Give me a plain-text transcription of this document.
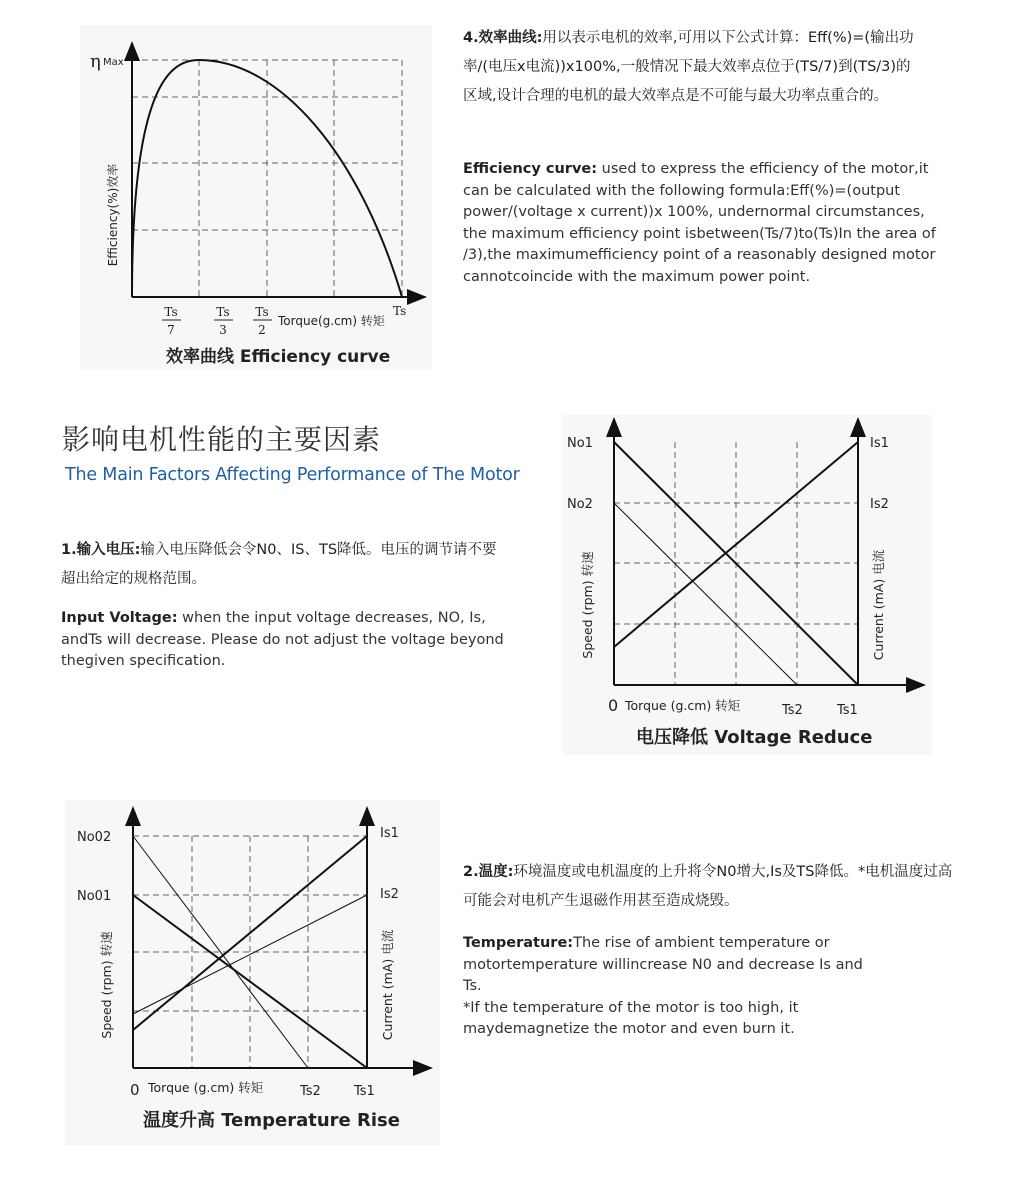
η Max
Efficiency(%)效率
Ts
7
Ts
3
Ts
2
Torque(g.cm) 转矩
Ts
效率曲线 Efficiency curve
4.效率曲线:用以表示电机的效率,可用以下公式计算：Eff(%)=(输出功率/(电压x电流))x100%,一般情况下最大效率点位于(TS/7)到(TS/3)的区域,设计合理的电机的最大效率点是不可能与最大功率点重合的。
Efficiency curve: used to express the efficiency of the motor,it can be calculated with the following formula:Eff(%)=(output power/(voltage x current))x 100%, undernormal circumstances, the maximum efficiency point isbetween(Ts/7)to(Ts)In the area of /3),the maximumefficiency point of a reasonably designed motor cannotcoincide with the maximum power point.
影响电机性能的主要因素
The Main Factors Affecting Performance of The Motor
1.输入电压:输入电压降低会令N0、IS、TS降低。电压的调节请不要超出给定的规格范围。
Input Voltage: when the input voltage decreases, NO, Is, andTs will decrease. Please do not adjust the voltage beyond thegiven specification.
No1
No2
Is1
Is2
Speed (rpm) 转速	Current (mA) 电流
0 Torque (g.cm) 转矩	Ts2	Ts1
电压降低 Voltage Reduce
No02
No01
Is1
Is2
Speed (rpm) 转速	Current (mA) 电流
0 Torque (g.cm) 转矩	Ts2	Ts1
温度升高 Temperature Rise
2.温度:环境温度或电机温度的上升将令N0增大,Is及TS降低。*电机温度过高可能会对电机产生退磁作用甚至造成烧毁。
Temperature:The rise of ambient temperature or motortemperature willincrease N0 and decrease Is and Ts.
*If the temperature of the motor is too high, it maydemagnetize the motor and even burn it.
